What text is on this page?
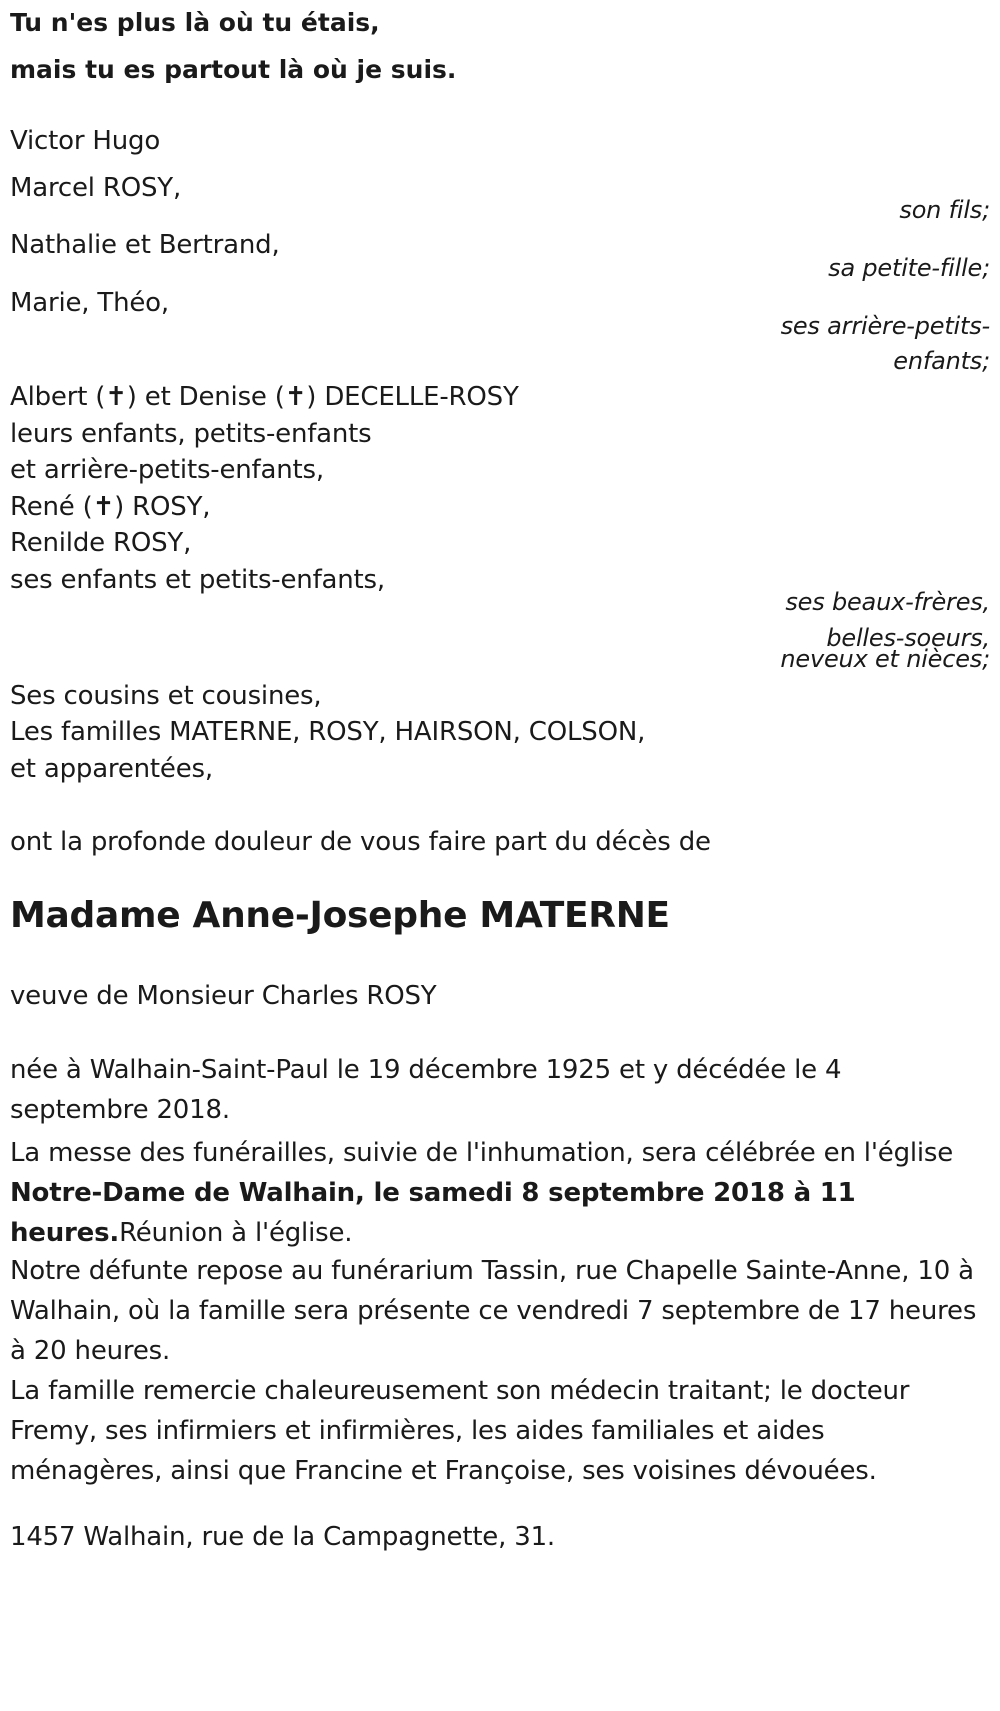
Tu n'es plus là où tu étais,

mais tu es partout là où je suis.

Victor Hugo

Marcel ROSY,

son fils;

Nathalie et Bertrand,

sa petite-fille;

Marie, Théo,

ses arrière-petits-

enfants;

Albert (✝) et Denise (✝) DECELLE-ROSY

leurs enfants, petits-enfants

et arrière-petits-enfants,

René (✝) ROSY,

Renilde ROSY,

ses enfants et petits-enfants,

ses beaux-frères,

belles-soeurs,

neveux et nièces;

Ses cousins et cousines,

Les familles MATERNE, ROSY, HAIRSON, COLSON,

et apparentées,

ont la profonde douleur de vous faire part du décès de

Madame Anne-Josephe MATERNE

veuve de Monsieur Charles ROSY

née à Walhain-Saint-Paul le 19 décembre 1925 et y décédée le 4 septembre 2018.

La messe des funérailles, suivie de l'inhumation, sera célébrée en l'église Notre-Dame de Walhain, le samedi 8 septembre 2018 à 11 heures.Réunion à l'église.

Notre défunte repose au funérarium Tassin, rue Chapelle Sainte-Anne, 10 à Walhain, où la famille sera présente ce vendredi 7 septembre de 17 heures à 20 heures.

La famille remercie chaleureusement son médecin traitant; le docteur Fremy, ses infirmiers et infirmières, les aides familiales et aides ménagères, ainsi que Francine et Françoise, ses voisines dévouées.

1457 Walhain, rue de la Campagnette, 31.
